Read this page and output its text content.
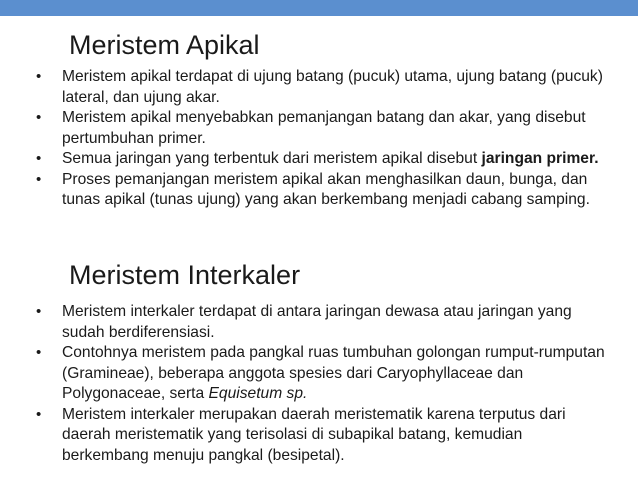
Meristem Apikal
• Meristem apikal terdapat di ujung batang (pucuk) utama, ujung batang (pucuk) lateral, dan ujung akar.
• Meristem apikal menyebabkan pemanjangan batang dan akar, yang disebut pertumbuhan primer.
• Semua jaringan yang terbentuk dari meristem apikal disebut jaringan primer.
• Proses pemanjangan meristem apikal akan menghasilkan daun, bunga, dan tunas apikal (tunas ujung) yang akan berkembang menjadi cabang samping.
Meristem Interkaler
• Meristem interkaler terdapat di antara jaringan dewasa atau jaringan yang sudah berdiferensiasi.
• Contohnya meristem pada pangkal ruas tumbuhan golongan rumput-rumputan (Gramineae), beberapa anggota spesies dari Caryophyllaceae dan Polygonaceae, serta Equisetum sp.
• Meristem interkaler merupakan daerah meristematik karena terputus dari daerah meristematik yang terisolasi di subapikal batang, kemudian berkembang menuju pangkal (besipetal).
